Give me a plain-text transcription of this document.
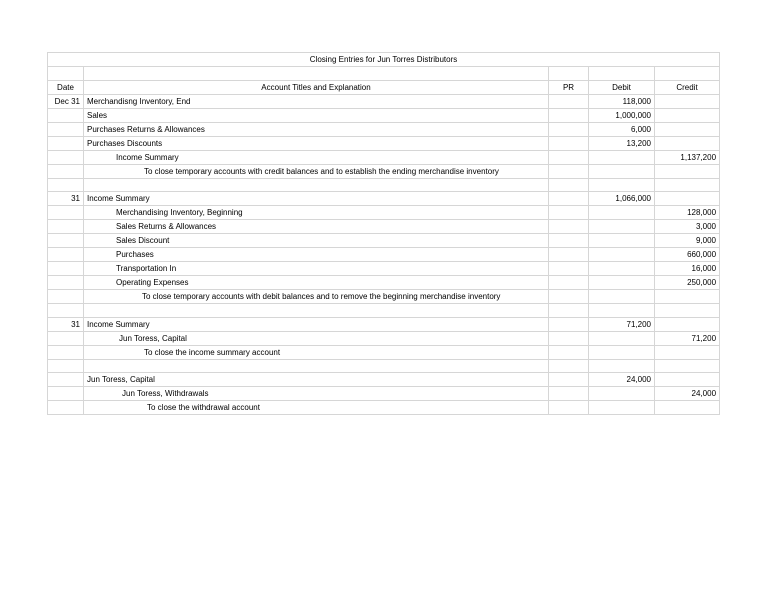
Closing Entries for Jun Torres Distributors				

Date	Account Titles and Explanation	PR	Debit	Credit
Dec 31	Merchandisng Inventory, End		118,000	
	Sales		1,000,000	
	Purchases Returns & Allowances		6,000	
	Purchases Discounts		13,200	
	Income Summary			1,137,200
	To close temporary accounts with credit balances and to establish the ending merchandise inventory			

31	Income Summary		1,066,000	
	Merchandising Inventory, Beginning			128,000
	Sales Returns & Allowances			3,000
	Sales Discount			9,000
	Purchases			660,000
	Transportation In			16,000
	Operating Expenses			250,000
	To close temporary accounts with debit balances and to remove the beginning merchandise inventory			

31	Income Summary		71,200	
	Jun Toress, Capital			71,200
	To close the income summary account			

	Jun Toress, Capital		24,000	
	Jun Toress, Withdrawals			24,000
	To close the withdrawal account			
